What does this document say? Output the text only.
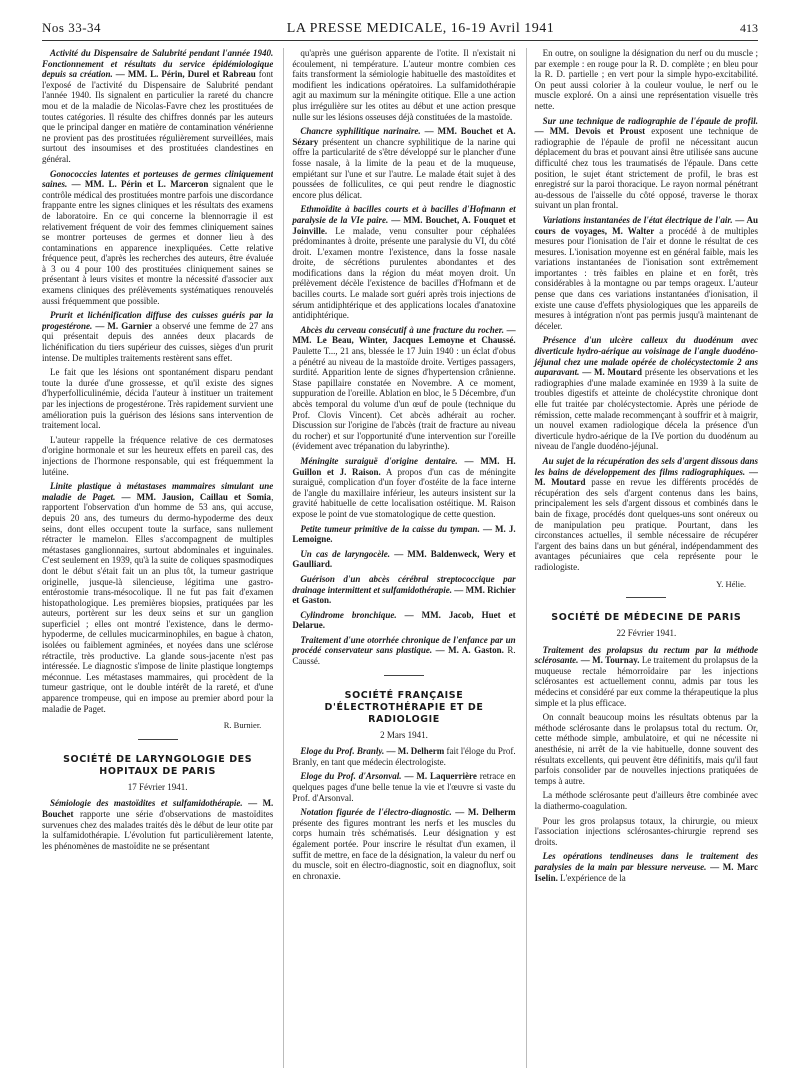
Nos 33-34	LA PRESSE MEDICALE, 16-19 Avril 1941	413

Activité du Dispensaire de Salubrité pendant l'année 1940. Fonctionnement et résultats du service épidémiologique depuis sa création. — MM. L. Périn, Durel et Rabreau font l'exposé de l'activité du Dispensaire de Salubrité pendant l'année 1940. Ils signalent en particulier la rareté du chancre mou et de la maladie de Nicolas-Favre chez les prostituées de toutes catégories. Il résulte des chiffres donnés par les auteurs que le principal danger en matière de contamination vénérienne ne provient pas des prostituées régulièrement surveillées, mais surtout des insoumises et des prostituées clandestines en général.

Gonococcies latentes et porteuses de germes cliniquement saines. — MM. L. Périn et L. Marceron signalent que le contrôle médical des prostituées montre parfois une discordance frappante entre les signes cliniques et les résultats des examens de laboratoire. En ce qui concerne la blennorragie il est relativement fréquent de voir des femmes cliniquement saines se montrer porteuses de germes et donner lieu à des contaminations en apparence inexpliquées. Cette relative fréquence peut, d'après les recherches des auteurs, être évaluée à 3 ou 4 pour 100 des prostituées cliniquement saines se présentant à leurs visites et montre la nécessité d'associer aux examens cliniques des prélèvements systématiques renouvelés aussi fréquemment que possible.

Prurit et lichénification diffuse des cuisses guéris par la progestérone. — M. Garnier a observé une femme de 27 ans qui présentait depuis des années deux placards de lichénification du tiers supérieur des cuisses, sièges d'un prurit intense. De multiples traitements restèrent sans effet.

Le fait que les lésions ont spontanément disparu pendant toute la durée d'une grossesse, et qu'il existe des signes d'hyperfolliculinémie, décida l'auteur à instituer un traitement par les injections de progestérone. Très rapidement survient une amélioration puis la guérison des lésions sans intervention de traitement local.

L'auteur rappelle la fréquence relative de ces dermatoses d'origine hormonale et sur les heureux effets en pareil cas, des injections de l'hormone responsable, qui est fréquemment la lutéine.

Linite plastique à métastases mammaires simulant une maladie de Paget. — MM. Jausion, Caillau et Somia, rapportent l'observation d'un homme de 53 ans, qui accuse, depuis 20 ans, des tumeurs du dermo-hypoderme des deux seins, dont elles occupent toute la surface, sans nullement rétracter le mamelon. Elles s'accompagnent de multiples métastases ganglionnaires, surtout abdominales et inguinales. C'est seulement en 1939, qu'à la suite de coliques spasmodiques dont le début s'était fait un an plus tôt, la tumeur gastrique originelle, jusque-là silencieuse, légitima une gastro-entérostomie trans-mésocolique. Il ne fut pas fait d'examen histopathologique. Les premières biopsies, pratiquées par les auteurs, portèrent sur les deux seins et sur un ganglion superficiel ; elles ont montré l'existence, dans le dermo-hypoderme, de cellules mucicarminophiles, en bague à chaton, isolées ou faiblement agminées, et noyées dans une sclérose rétractile, très productive. La glande sous-jacente n'est pas intéressée. Le diagnostic s'impose de linite plastique longtemps méconnue. Les métastases mammaires, qui procèdent de la tumeur gastrique, ont le double intérêt de la rareté, et d'une apparence trompeuse, qui en impose au premier abord pour la maladie de Paget.

R. Burnier.
SOCIÉTÉ DE LARYNGOLOGIE DES HOPITAUX DE PARIS
17 Février 1941.

Sémiologie des mastoïdites et sulfamidothérapie. — M. Bouchet rapporte une série d'observations de mastoïdites survenues chez des malades traités dès le début de leur otite par la sulfamidothérapie. L'évolution fut particulièrement latente, les phénomènes de mastoïdite ne se présentant

qu'après une guérison apparente de l'otite. Il n'existait ni écoulement, ni température. L'auteur montre combien ces faits transforment la sémiologie habituelle des mastoïdites et modifient les indications opératoires. La sulfamidothérapie agit au maximum sur la méningite otitique. Elle a une action plus irrégulière sur les otites au début et une action presque nulle sur les lésions osseuses déjà constituées de la mastoïde.

Chancre syphilitique narinaire. — MM. Bouchet et A. Sézary présentent un chancre syphilitique de la narine qui offre la particularité de s'être développé sur le plancher d'une fosse nasale, à la limite de la peau et de la muqueuse, empiétant sur l'une et sur l'autre. Le malade était sujet à des poussées de folliculites, ce qui peut rendre le diagnostic encore plus délicat.

Ethmoïdite à bacilles courts et à bacilles d'Hofmann et paralysie de la VIe paire. — MM. Bouchet, A. Fouquet et Joinville. Le malade, venu consulter pour céphalées prédominantes à droite, présente une paralysie du VI, du côté droit. L'examen montre l'existence, dans la fosse nasale droite, de sécrétions purulentes abondantes et des modifications dans la région du méat moyen droit. Un prélèvement décèle l'existence de bacilles d'Hofmann et de bacilles courts. Le malade sort guéri après trois injections de sérum antidiphtérique et des applications locales d'anatoxine antidiphtérique.

Abcès du cerveau consécutif à une fracture du rocher. — MM. Le Beau, Winter, Jacques Lemoyne et Chaussé. Paulette T..., 21 ans, blessée le 17 Juin 1940 : un éclat d'obus a pénétré au niveau de la mastoïde droite. Vertiges passagers, surdité. Apparition lente de signes d'hypertension crânienne. Stase papillaire constatée en Novembre. A ce moment, suppuration de l'oreille. Ablation en bloc, le 5 Décembre, d'un abcès temporal du volume d'un œuf de poule (technique du Prof. Clovis Vincent). Cet abcès adhérait au rocher. Discussion sur l'origine de l'abcès (trait de fracture au niveau du rocher) et sur l'opportunité d'une intervention sur l'oreille (évidement avec trépanation du labyrinthe).

Méningite suraiguë d'origine dentaire. — MM. H. Guillon et J. Raison. A propos d'un cas de méningite suraiguë, complication d'un foyer d'ostéite de la face interne de l'angle du maxillaire inférieur, les auteurs insistent sur la gravité habituelle de cette localisation ostéitique. M. Raison expose le point de vue stomatologique de cette question.

Petite tumeur primitive de la caisse du tympan. — M. J. Lemoigne.

Un cas de laryngocèle. — MM. Baldenweck, Wery et Gaulliard.

Guérison d'un abcès cérébral streptococcique par drainage intermittent et sulfamidothérapie. — MM. Richier et Gaston.

Cylindrome bronchique. — MM. Jacob, Huet et Delarue.

Traitement d'une otorrhée chronique de l'enfance par un procédé conservateur sans plastique. — M. A. Gaston. R. Caussé.

SOCIÉTÉ FRANÇAISE D'ÉLECTROTHÉRAPIE ET DE RADIOLOGIE
2 Mars 1941.

Eloge du Prof. Branly. — M. Delherm fait l'éloge du Prof. Branly, en tant que médecin électrologiste.

Eloge du Prof. d'Arsonval. — M. Laquerrière retrace en quelques pages d'une belle tenue la vie et l'œuvre si vaste du Prof. d'Arsonval.

Notation figurée de l'électro-diagnostic. — M. Delherm présente des figures montrant les nerfs et les muscles du corps humain très schématisés. Leur désignation y est également portée. Pour inscrire le résultat d'un examen, il suffit de mettre, en face de la désignation, la valeur du nerf ou du muscle, soit en électro-diagnostic, soit en diagnoflux, soit en chronaxie.

En outre, on souligne la désignation du nerf ou du muscle ; par exemple : en rouge pour la R. D. complète ; en bleu pour la R. D. partielle ; en vert pour la simple hypo-excitabilité. On peut aussi colorier à la couleur voulue, le nerf ou le muscle exploré. On a ainsi une représentation visuelle très nette.

Sur une technique de radiographie de l'épaule de profil. — MM. Devois et Proust exposent une technique de radiographie de l'épaule de profil ne nécessitant aucun déplacement du bras et pouvant ainsi être utilisée sans aucune difficulté chez tous les traumatisés de l'épaule. Dans cette position, le sujet étant strictement de profil, le bras est enregistré sur la paroi thoracique. Le rayon normal pénétrant au-dessous de l'aisselle du côté opposé, traverse le thorax suivant un plan frontal.

Variations instantanées de l'état électrique de l'air. — Au cours de voyages, M. Walter a procédé à de multiples mesures pour l'ionisation de l'air et donne le résultat de ces mesures. L'ionisation moyenne est en général faible, mais les variations instantanées de l'ionisation sont extrêmement importantes : très faibles en plaine et en forêt, très considérables à la montagne ou par temps orageux. L'auteur pense que dans ces variations instantanées d'ionisation, il existe une cause d'effets physiologiques que les appareils de mesures à intégration n'ont pas permis jusqu'à maintenant de déceler.

Présence d'un ulcère calleux du duodénum avec diverticule hydro-aérique au voisinage de l'angle duodéno-jéjunal chez une malade opérée de cholécystectomie 2 ans auparavant. — M. Moutard présente les observations et les radiographies d'une malade examinée en 1939 à la suite de troubles digestifs et atteinte de cholécystite chronique dont elle fut traitée par cholécystectomie. Après une période de rémission, cette malade recommençant à souffrir et à maigrir, un nouvel examen radiologique décela la présence d'un diverticule hydro-aérique de la IVe portion du duodénum au niveau de l'angle duodéno-jéjunal.

Au sujet de la récupération des sels d'argent dissous dans les bains de développement des films radiographiques. — M. Moutard passe en revue les différents procédés de récupération des sels d'argent contenus dans les bains, principalement les sels d'argent dissous et combinés dans le bain de fixage, procédés dont quelques-uns sont onéreux ou de manipulation peu pratique. Pourtant, dans les circonstances actuelles, il semble nécessaire de récupérer l'argent des bains dans un but général, indépendamment des avantages pécuniaires que cela représente pour le radiologiste.

Y. Hélie.
SOCIÉTÉ DE MÉDECINE DE PARIS
22 Février 1941.

Traitement des prolapsus du rectum par la méthode sclérosante. — M. Tournay. Le traitement du prolapsus de la muqueuse rectale hémorroïdaire par les injections sclérosantes est actuellement connu, admis par tous les médecins et considéré par eux comme la thérapeutique la plus simple et la plus efficace.

On connaît beaucoup moins les résultats obtenus par la méthode sclérosante dans le prolapsus total du rectum. Or, cette méthode simple, ambulatoire, et qui ne nécessite ni anesthésie, ni arrêt de la vie habituelle, donne souvent des résultats excellents, qui peuvent être définitifs, mais qu'il faut parfois consolider par de nouvelles injections pratiquées de temps à autre.

La méthode sclérosante peut d'ailleurs être combinée avec la diathermo-coagulation.

Pour les gros prolapsus totaux, la chirurgie, ou mieux l'association injections sclérosantes-chirurgie reprend ses droits.

Les opérations tendineuses dans le traitement des paralysies de la main par blessure nerveuse. — M. Marc Iselin. L'expérience de la
